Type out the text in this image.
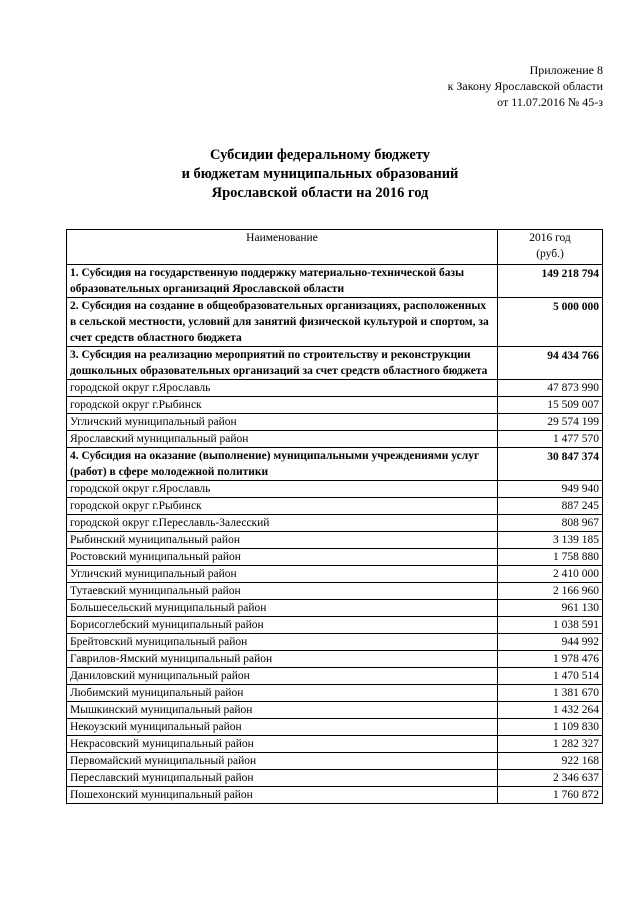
Приложение 8
к Закону Ярославской области
от 11.07.2016 № 45-з
Субсидии федеральному бюджету
и бюджетам муниципальных образований
Ярославской области на 2016 год
Наименование	2016 год
(руб.)

1. Субсидия на государственную поддержку материально-технической базы образовательных организаций Ярославской области	149 218 794
2. Субсидия на создание в общеобразовательных организациях, расположенных в сельской местности, условий для занятий физической культурой и спортом, за счет средств областного бюджета	5 000 000
3. Субсидия на реализацию мероприятий по строительству и реконструкции дошкольных образовательных организаций за счет средств областного бюджета	94 434 766
городской округ г.Ярославль	47 873 990
городской округ г.Рыбинск	15 509 007
Угличский муниципальный район	29 574 199
Ярославский муниципальный район	1 477 570
4. Субсидия на оказание (выполнение) муниципальными учреждениями услуг (работ) в сфере молодежной политики	30 847 374
городской округ г.Ярославль	949 940
городской округ г.Рыбинск	887 245
городской округ г.Переславль-Залесский	808 967
Рыбинский муниципальный район	3 139 185
Ростовский муниципальный район	1 758 880
Угличский муниципальный район	2 410 000
Тутаевский муниципальный район	2 166 960
Большесельский муниципальный район	961 130
Борисоглебский муниципальный район	1 038 591
Брейтовский муниципальный район	944 992
Гаврилов-Ямский муниципальный район	1 978 476
Даниловский муниципальный район	1 470 514
Любимский муниципальный район	1 381 670
Мышкинский муниципальный район	1 432 264
Некоузский муниципальный район	1 109 830
Некрасовский муниципальный район	1 282 327
Первомайский муниципальный район	922 168
Переславский муниципальный район	2 346 637
Пошехонский муниципальный район	1 760 872
